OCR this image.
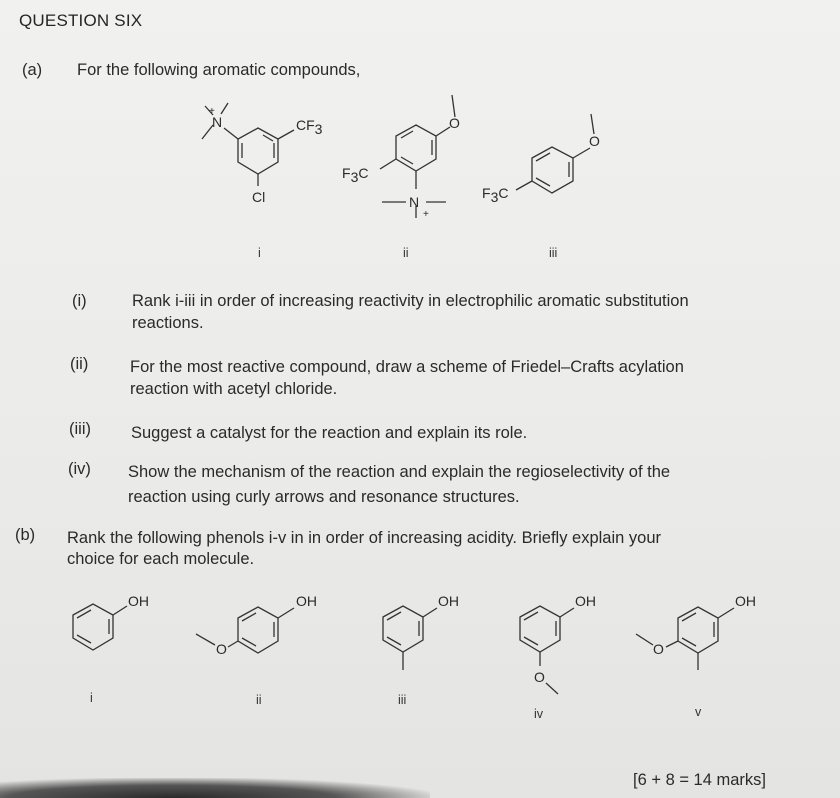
QUESTION SIX
(a) For the following aromatic compounds,
N
+
CF3
Cl
i
O
F3C
N
+
ii
O
F3C
iii
(i)	Rank i-iii in order of increasing reactivity in electrophilic aromatic substitution
reactions.
(ii)	For the most reactive compound, draw a scheme of Friedel–Crafts acylation
reaction with acetyl chloride.
(iii) Suggest a catalyst for the reaction and explain its role.
(iv) Show the mechanism of the reaction and explain the regioselectivity of the
reaction using curly arrows and resonance structures.
(b) Rank the following phenols i-v in in order of increasing acidity. Briefly explain your
choice for each molecule.
OH
i
OH
O
ii
OH
iii
OH
O
iv
OH
O
v
[6 + 8 = 14 marks]
